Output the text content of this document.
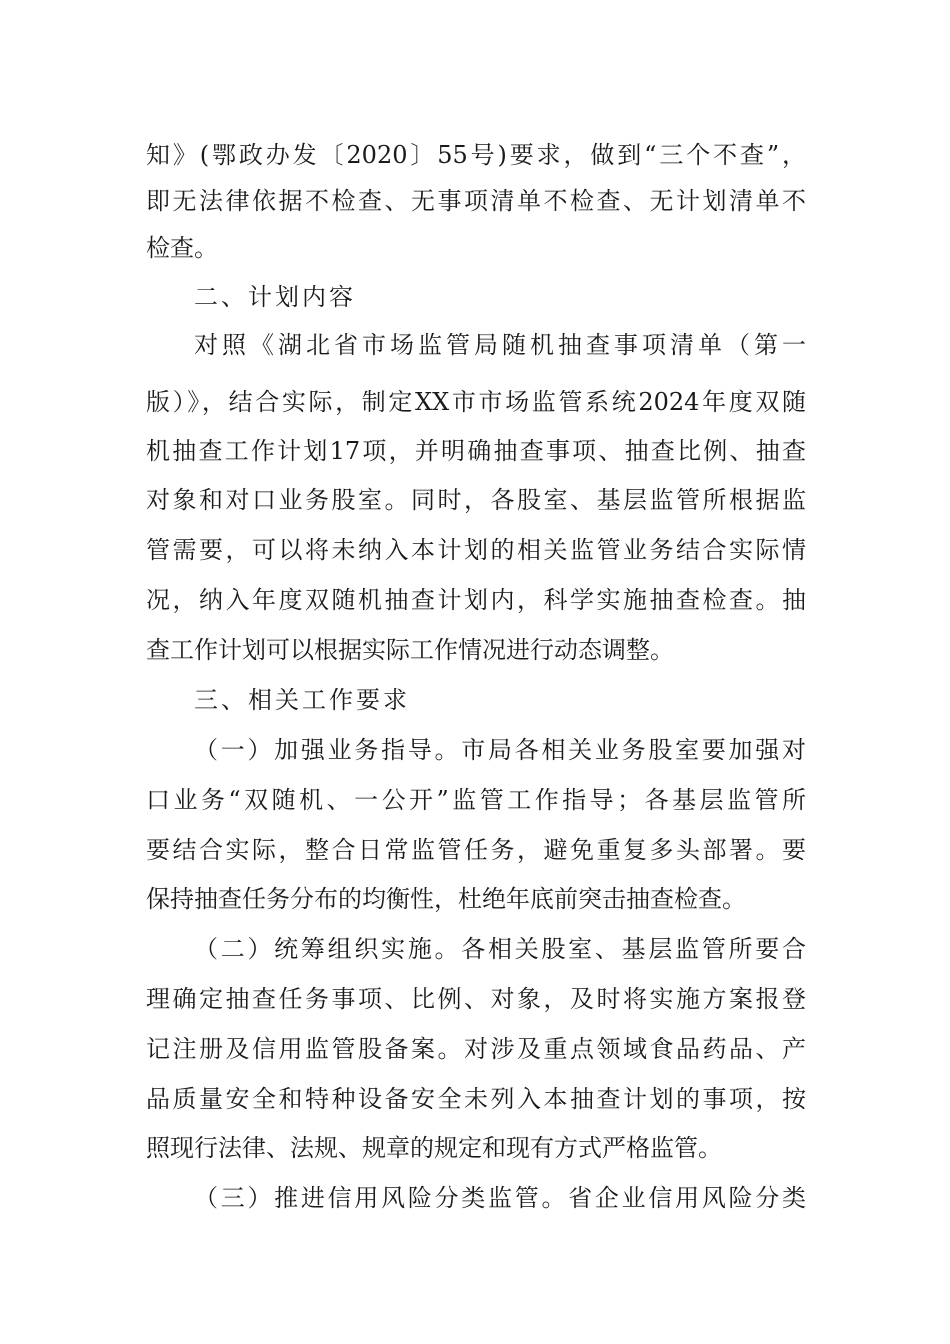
知》(鄂政办发〔2020〕55号)要求，做到“三个不查”，
即无法律依据不检查、无事项清单不检查、无计划清单不
检查。
二、计划内容
对照《湖北省市场监管局随机抽查事项清单（第一
版）》，结合实际，制定XX市市场监管系统2024年度双随
机抽查工作计划17项，并明确抽查事项、抽查比例、抽查
对象和对口业务股室。同时，各股室、基层监管所根据监
管需要，可以将未纳入本计划的相关监管业务结合实际情
况，纳入年度双随机抽查计划内，科学实施抽查检查。抽
查工作计划可以根据实际工作情况进行动态调整。
三、相关工作要求
（一）加强业务指导。市局各相关业务股室要加强对
口业务“双随机、一公开”监管工作指导；各基层监管所
要结合实际，整合日常监管任务，避免重复多头部署。要
保持抽查任务分布的均衡性，杜绝年底前突击抽查检查。
（二）统筹组织实施。各相关股室、基层监管所要合
理确定抽查任务事项、比例、对象，及时将实施方案报登
记注册及信用监管股备案。对涉及重点领域食品药品、产
品质量安全和特种设备安全未列入本抽查计划的事项，按
照现行法律、法规、规章的规定和现有方式严格监管。
（三）推进信用风险分类监管。省企业信用风险分类
